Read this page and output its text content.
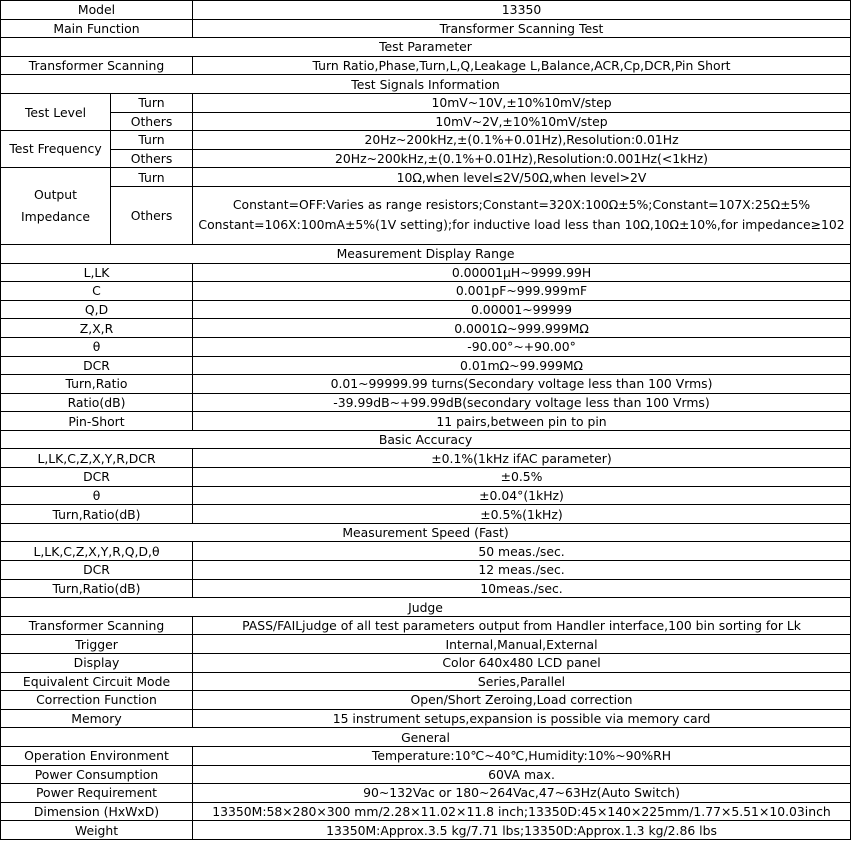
Model		13350
Main Function		Transformer Scanning Test
Test Parameter		
Transformer Scanning		Turn Ratio,Phase,Turn,L,Q,Leakage L,Balance,ACR,Cp,DCR,Pin Short
Test Signals Information		
Test Level	Turn	10mV~10V,±10%10mV/step
	Others	10mV~2V,±10%10mV/step
Test Frequency	Turn	20Hz~200kHz,±(0.1%+0.01Hz),Resolution:0.01Hz
	Others	20Hz~200kHz,±(0.1%+0.01Hz),Resolution:0.001Hz(<1kHz)
Output Impedance	Turn	10Ω,when level≤2V/50Ω,when level>2V
	Others	Constant=OFF:Varies as range resistors;Constant=320X:100Ω±5%;Constant=107X:25Ω±5%
Constant=106X:100mA±5%(1V setting);for inductive load less than 10Ω,10Ω±10%,for impedance≥102

Measurement Display Range		
L,LK		0.00001μH~9999.99H
C		0.001pF~999.999mF
Q,D		0.00001~99999
Z,X,R		0.0001Ω~999.999MΩ
θ		-90.00°~+90.00°
DCR		0.01mΩ~99.999MΩ
Turn,Ratio		0.01~99999.99 turns(Secondary voltage less than 100 Vrms)
Ratio(dB)		-39.99dB~+99.99dB(secondary voltage less than 100 Vrms)
Pin-Short		11 pairs,between pin to pin
Basic Accuracy		
L,LK,C,Z,X,Y,R,DCR		±0.1%(1kHz ifAC parameter)
DCR		±0.5%
θ		±0.04°(1kHz)
Turn,Ratio(dB)		±0.5%(1kHz)
Measurement Speed (Fast)		
L,LK,C,Z,X,Y,R,Q,D,θ		50 meas./sec.
DCR		12 meas./sec.
Turn,Ratio(dB)		10meas./sec.
Judge		
Transformer Scanning		PASS/FAILjudge of all test parameters output from Handler interface,100 bin sorting for Lk
Trigger		Internal,Manual,External
Display		Color 640x480 LCD panel
Equivalent Circuit Mode		Series,Parallel
Correction Function		Open/Short Zeroing,Load correction
Memory		15 instrument setups,expansion is possible via memory card
General		
Operation Environment		Temperature:10℃~40℃,Humidity:10%~90%RH
Power Consumption		60VA max.
Power Requirement		90~132Vac or 180~264Vac,47~63Hz(Auto Switch)
Dimension (HxWxD)		13350M:58×280×300 mm/2.28×11.02×11.8 inch;13350D:45×140×225mm/1.77×5.51×10.03inch
Weight		13350M:Approx.3.5 kg/7.71 lbs;13350D:Approx.1.3 kg/2.86 lbs
